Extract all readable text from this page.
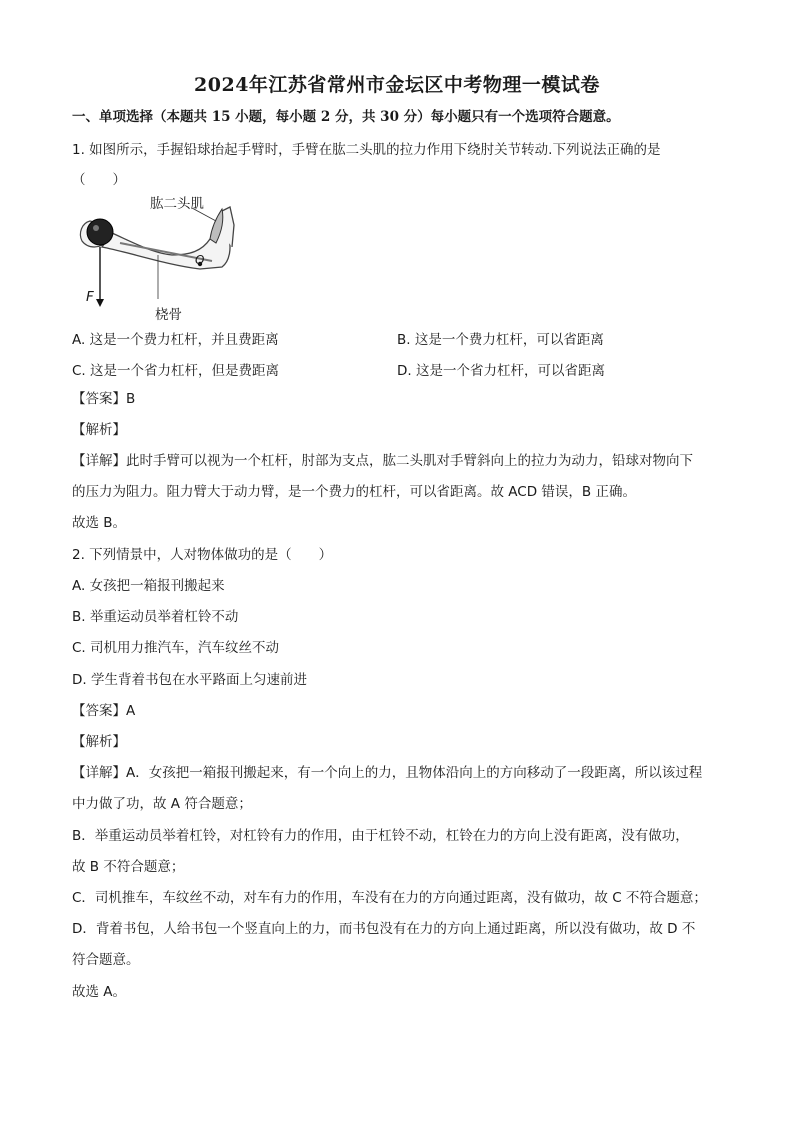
2024年江苏省常州市金坛区中考物理一模试卷
一、单项选择（本题共 15 小题，每小题 2 分，共 30 分）每小题只有一个选项符合题意。
1. 如图所示，手握铅球抬起手臂时，手臂在肱二头肌的拉力作用下绕肘关节转动.下列说法正确的是
（　　）
肱二头肌
桡骨
F
O
A. 这是一个费力杠杆，并且费距离	B. 这是一个费力杠杆，可以省距离
C. 这是一个省力杠杆，但是费距离	D. 这是一个省力杠杆，可以省距离
【答案】B
【解析】
【详解】此时手臂可以视为一个杠杆，肘部为支点，肱二头肌对手臂斜向上的拉力为动力，铅球对物向下
的压力为阻力。阻力臂大于动力臂，是一个费力的杠杆，可以省距离。故 ACD 错误，B 正确。
故选 B。
2. 下列情景中，人对物体做功的是（　　）
A. 女孩把一箱报刊搬起来
B. 举重运动员举着杠铃不动
C. 司机用力推汽车，汽车纹丝不动
D. 学生背着书包在水平路面上匀速前进
【答案】A
【解析】
【详解】A．女孩把一箱报刊搬起来，有一个向上的力，且物体沿向上的方向移动了一段距离，所以该过程
中力做了功，故 A 符合题意；
B．举重运动员举着杠铃，对杠铃有力的作用，由于杠铃不动，杠铃在力的方向上没有距离，没有做功，
故 B 不符合题意；
C．司机推车，车纹丝不动，对车有力的作用，车没有在力的方向通过距离，没有做功，故 C 不符合题意；
D．背着书包，人给书包一个竖直向上的力，而书包没有在力的方向上通过距离，所以没有做功，故 D 不
符合题意。
故选 A。
